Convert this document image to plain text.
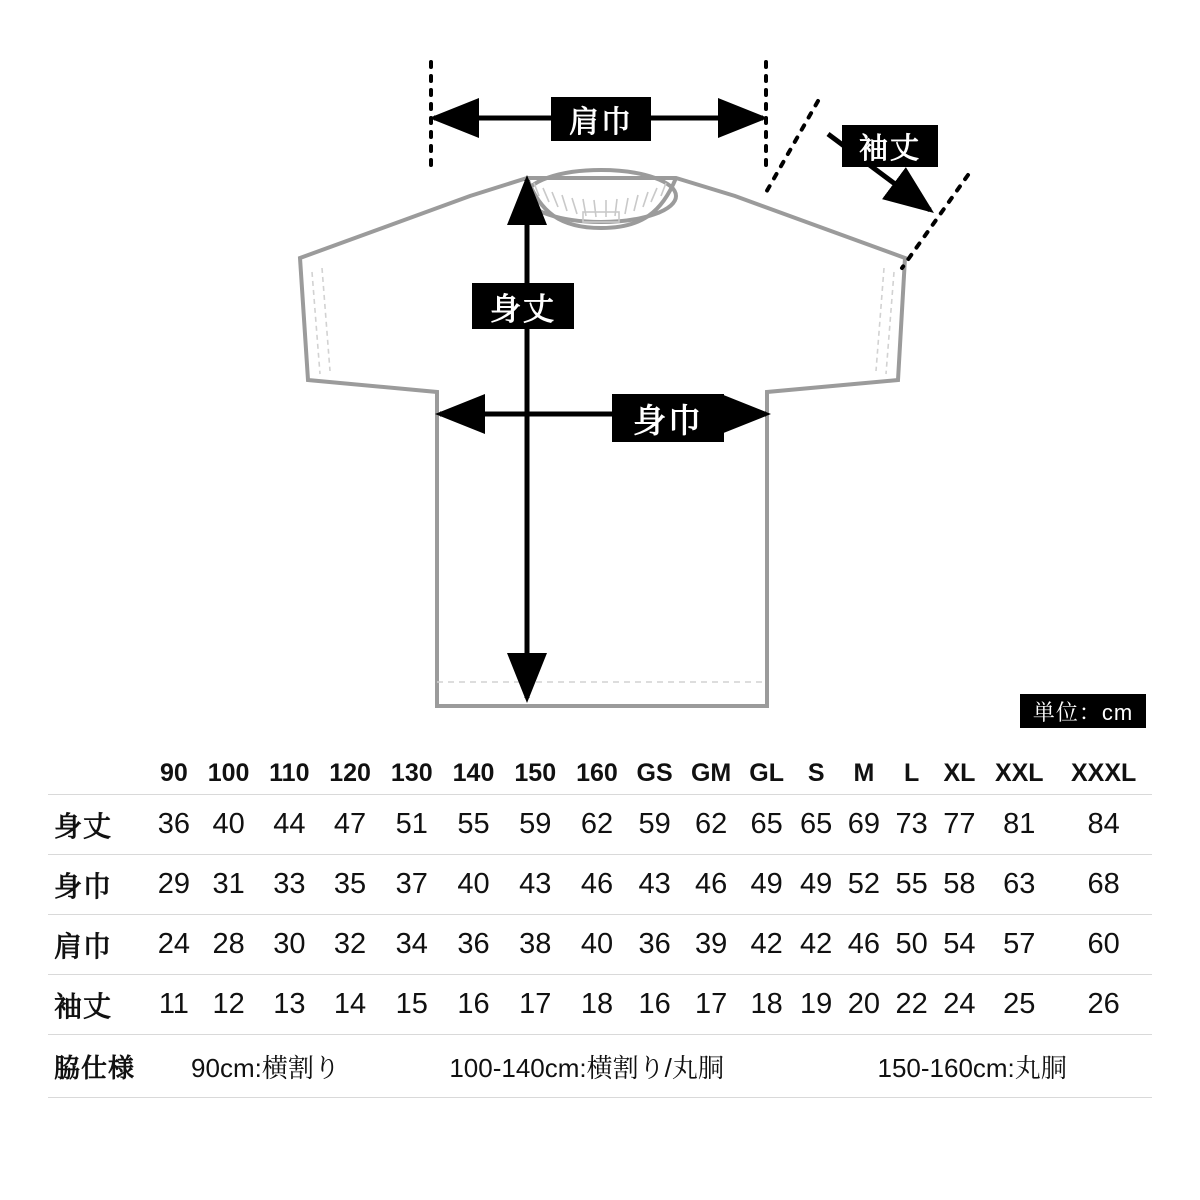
肩巾
袖丈
身丈
身巾
単位：cm
	90	100	110	120	130	140	150	160	GS	GM	GL	S	M	L	XL	XXL	XXXL
身丈	36	40	44	47	51	55	59	62	59	62	65	65	69	73	77	81	84
身巾	29	31	33	35	37	40	43	46	43	46	49	49	52	55	58	63	68
肩巾	24	28	30	32	34	36	38	40	36	39	42	42	46	50	54	57	60
袖丈	11	12	13	14	15	16	17	18	16	17	18	19	20	22	24	25	26
脇仕様	90cm:横割り				100-140cm:横割り/丸胴							150-160cm:丸胴					
